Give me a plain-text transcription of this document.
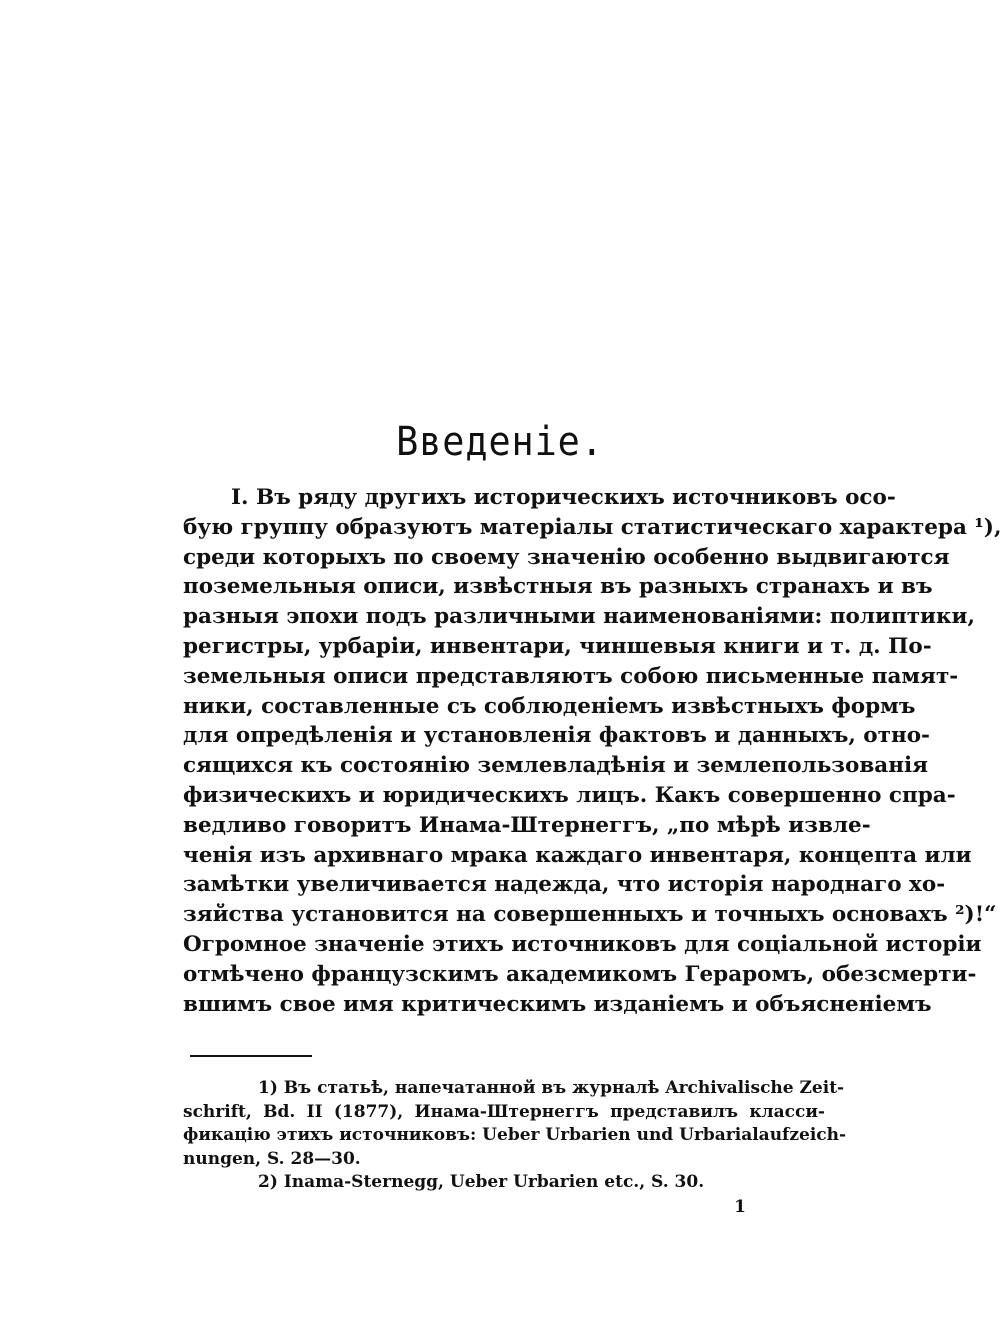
Введеніе.
I. Въ ряду другихъ историческихъ источниковъ осо-
бую группу образуютъ матеріалы статистическаго характера ¹),
среди которыхъ по своему значенію особенно выдвигаются
поземельныя описи, извѣстныя въ разныхъ странахъ и въ
разныя эпохи подъ различными наименованіями: полиптики,
регистры, урбаріи, инвентари, чиншевыя книги и т. д. По-
земельныя описи представляютъ собою письменные памят-
ники, составленные съ соблюденіемъ извѣстныхъ формъ
для опредѣленія и установленія фактовъ и данныхъ, отно-
сящихся къ состоянію землевладѣнія и землепользованія
физическихъ и юридическихъ лицъ. Какъ совершенно спра-
ведливо говоритъ Инама-Штернеггъ, „по мѣрѣ извле-
ченія изъ архивнаго мрака каждаго инвентаря, концепта или
замѣтки увеличивается надежда, что исторія народнаго хо-
зяйства установится на совершенныхъ и точныхъ основахъ ²)!“
Огромное значеніе этихъ источниковъ для соціальной исторіи
отмѣчено французскимъ академикомъ Гераромъ, обезсмерти-
вшимъ свое имя критическимъ изданіемъ и объясненіемъ
1) Въ статьѣ, напечатанной въ журналѣ Archivalische Zeit-
schrift, Bd. II (1877), Инама-Штернеггъ представилъ класси-
фикацію этихъ источниковъ: Ueber Urbarien und Urbarialaufzeich-
nungen, S. 28—30.
2) Inama-Sternegg, Ueber Urbarien etc., S. 30.
1
